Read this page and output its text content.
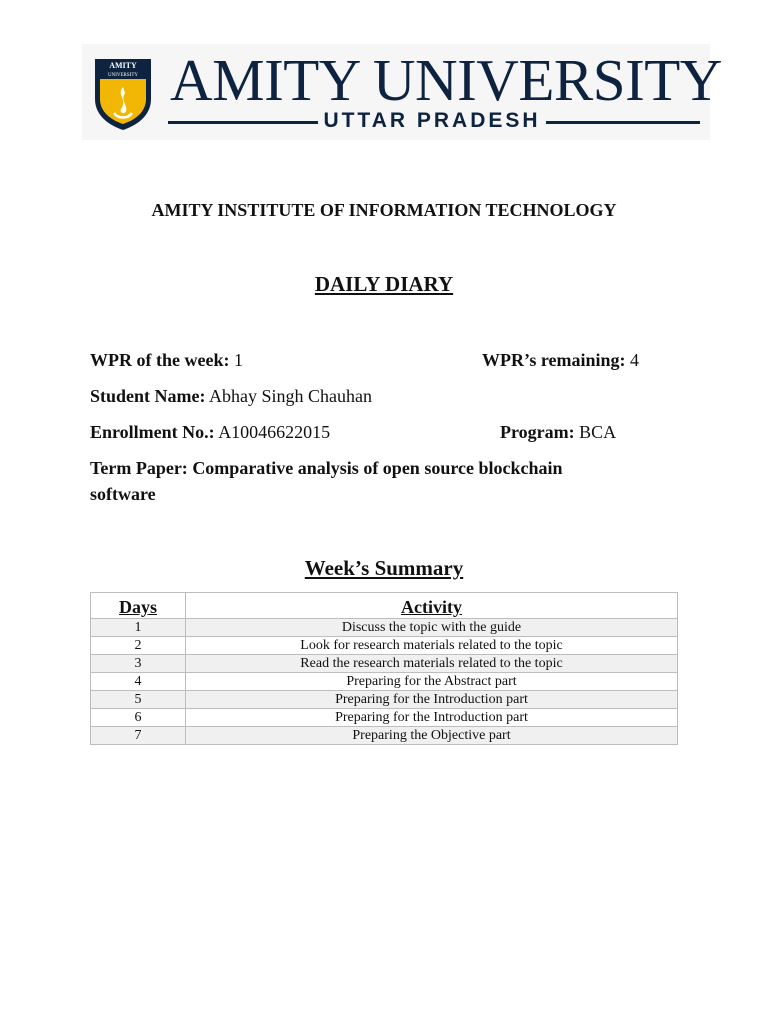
AMITY
UNIVERSITY AMITY UNIVERSITY
UTTAR PRADESH
AMITY INSTITUTE OF INFORMATION TECHNOLOGY
DAILY DIARY
WPR of the week: 1	WPR’s remaining: 4
Student Name: Abhay Singh Chauhan
Enrollment No.: A10046622015	Program: BCA
Term Paper: Comparative analysis of open source blockchain
software
Week’s Summary
Days	Activity
1	Discuss the topic with the guide
2	Look for research materials related to the topic
3	Read the research materials related to the topic
4	Preparing for the Abstract part
5	Preparing for the Introduction part
6	Preparing for the Introduction part
7	Preparing the Objective part
